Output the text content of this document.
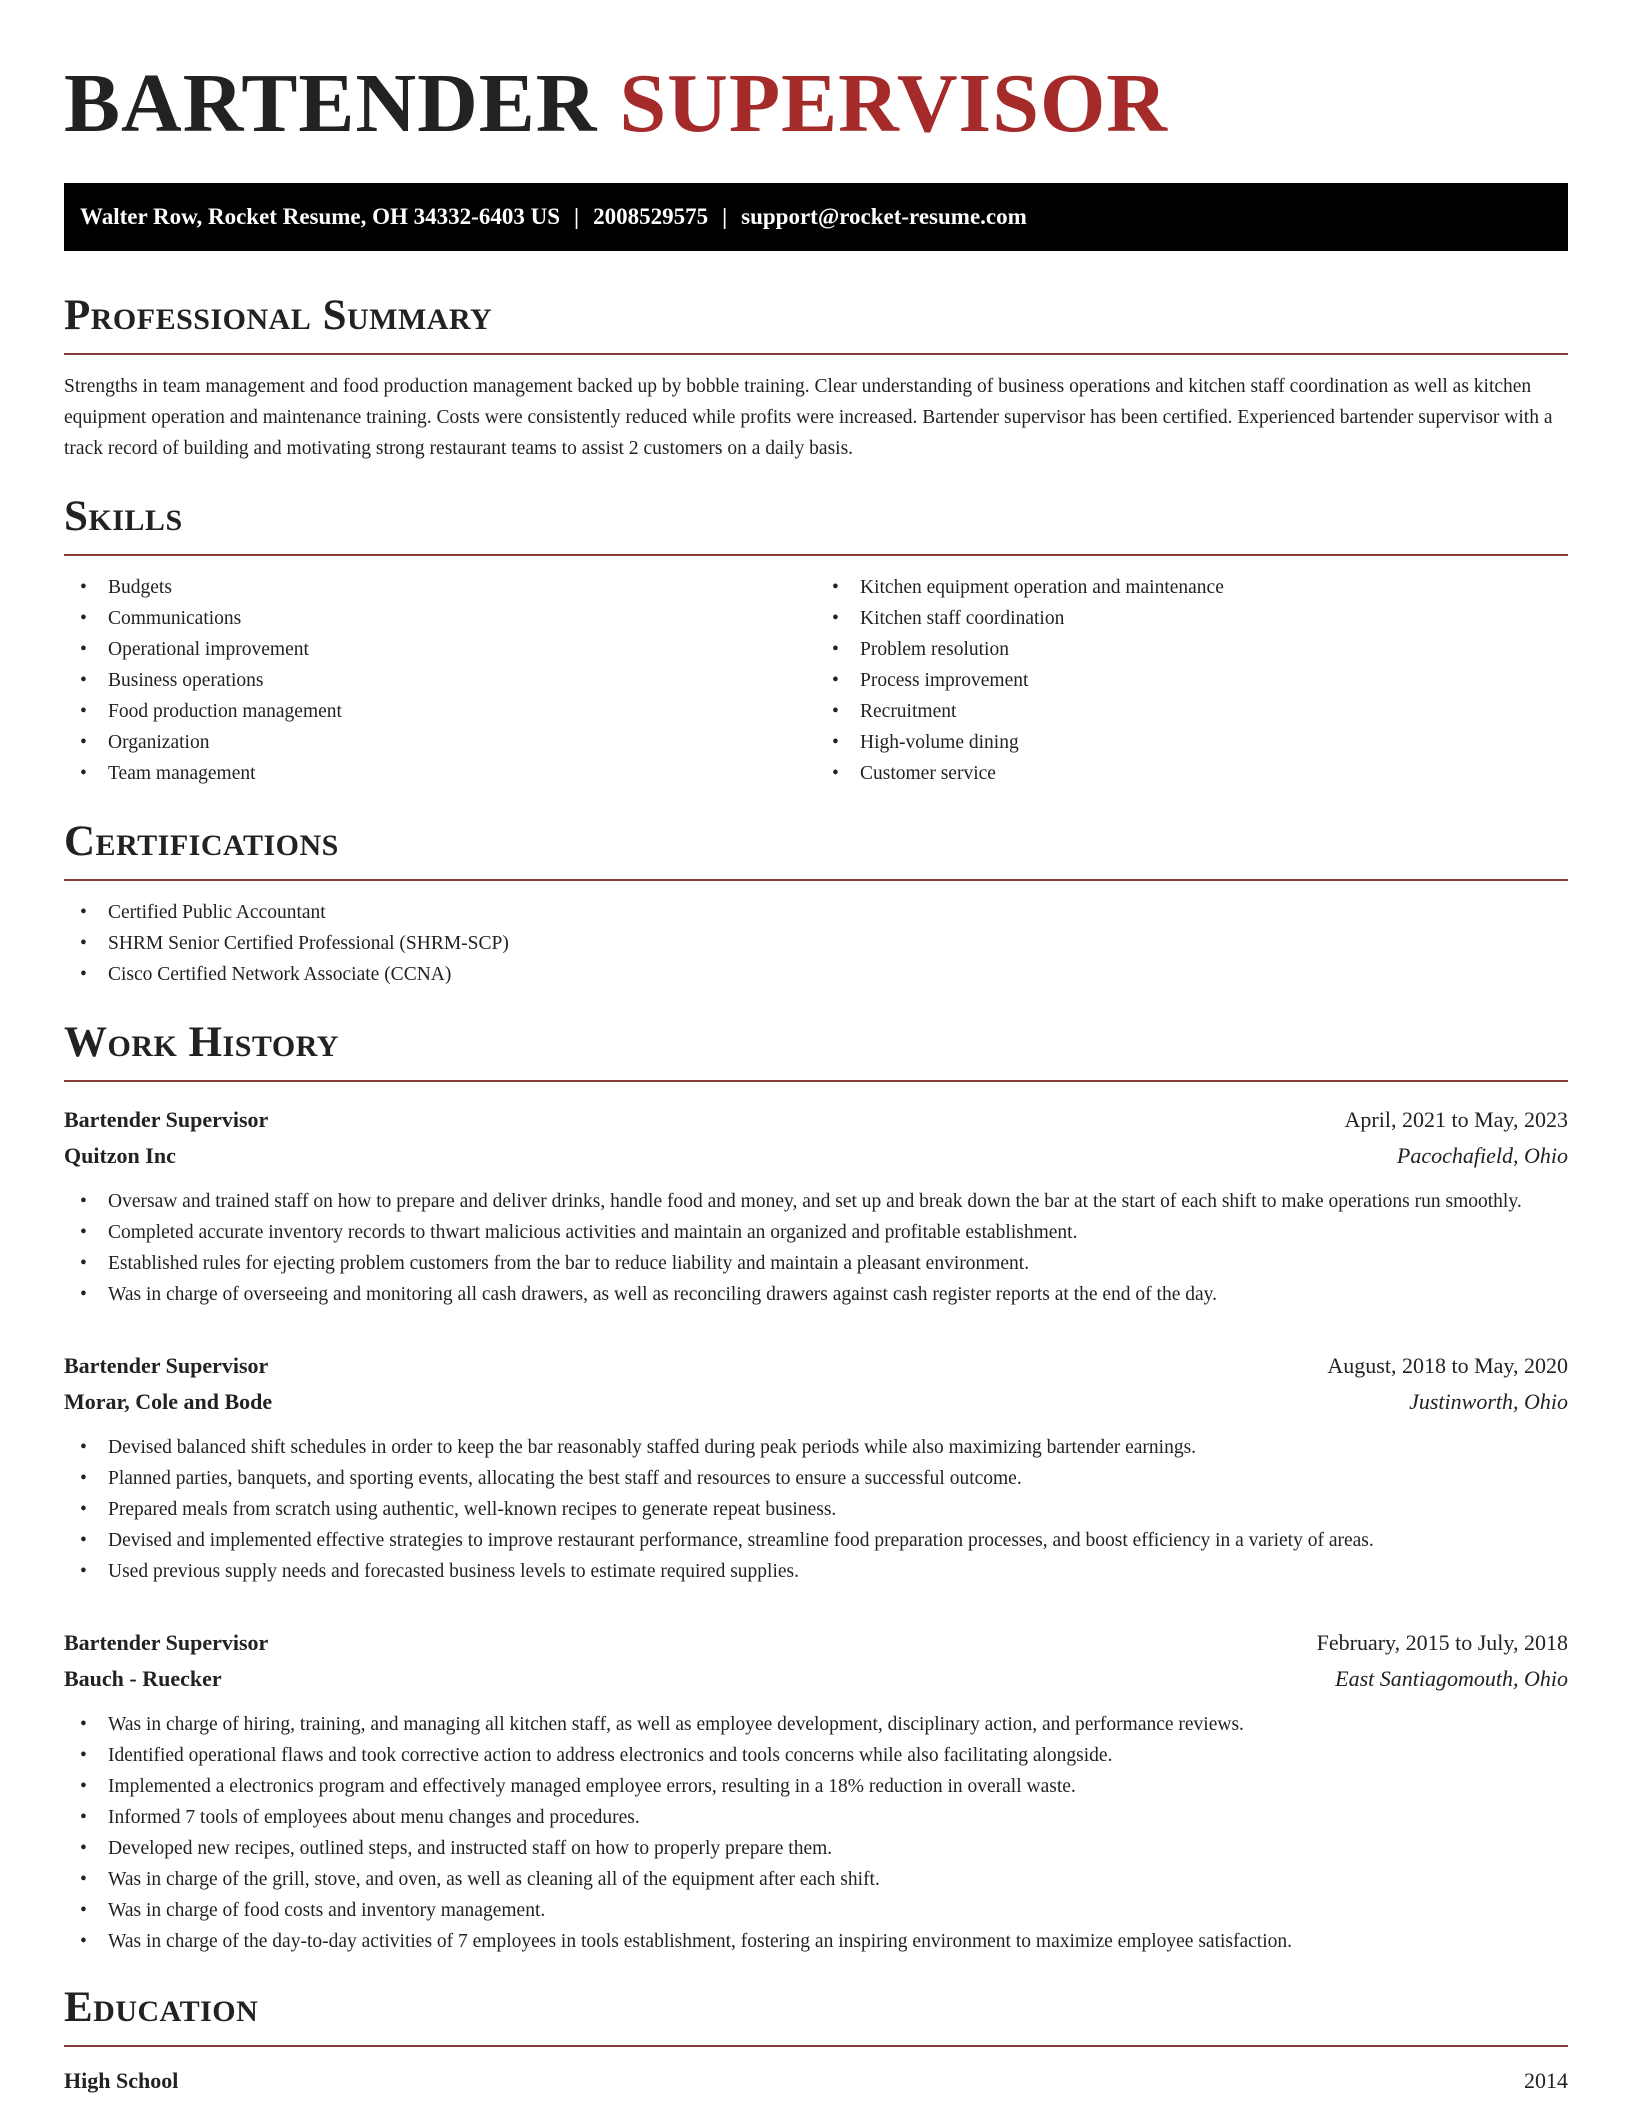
BARTENDER SUPERVISOR
Walter Row, Rocket Resume, OH 34332-6403 US | 2008529575 | support@rocket-resume.com
Professional Summary

Strengths in team management and food production management backed up by bobble training. Clear understanding of business operations and kitchen staff coordination as well as kitchen equipment operation and maintenance training. Costs were consistently reduced while profits were increased. Bartender supervisor has been certified. Experienced bartender supervisor with a track record of building and motivating strong restaurant teams to assist 2 customers on a daily basis.

Skills
• Budgets
• Communications
• Operational improvement
• Business operations
• Food production management
• Organization
• Team management
• Kitchen equipment operation and maintenance
• Kitchen staff coordination
• Problem resolution
• Process improvement
• Recruitment
• High-volume dining
• Customer service
Certifications
• Certified Public Accountant
• SHRM Senior Certified Professional (SHRM-SCP)
• Cisco Certified Network Associate (CCNA)
Work History
Bartender Supervisor	April, 2021 to May, 2023
Quitzon Inc	Pacochafield, Ohio
• Oversaw and trained staff on how to prepare and deliver drinks, handle food and money, and set up and break down the bar at the start of each shift to make operations run smoothly.
• Completed accurate inventory records to thwart malicious activities and maintain an organized and profitable establishment.
• Established rules for ejecting problem customers from the bar to reduce liability and maintain a pleasant environment.
• Was in charge of overseeing and monitoring all cash drawers, as well as reconciling drawers against cash register reports at the end of the day.
Bartender Supervisor	August, 2018 to May, 2020
Morar, Cole and Bode	Justinworth, Ohio
• Devised balanced shift schedules in order to keep the bar reasonably staffed during peak periods while also maximizing bartender earnings.
• Planned parties, banquets, and sporting events, allocating the best staff and resources to ensure a successful outcome.
• Prepared meals from scratch using authentic, well-known recipes to generate repeat business.
• Devised and implemented effective strategies to improve restaurant performance, streamline food preparation processes, and boost efficiency in a variety of areas.
• Used previous supply needs and forecasted business levels to estimate required supplies.
Bartender Supervisor	February, 2015 to July, 2018
Bauch - Ruecker	East Santiagomouth, Ohio
• Was in charge of hiring, training, and managing all kitchen staff, as well as employee development, disciplinary action, and performance reviews.
• Identified operational flaws and took corrective action to address electronics and tools concerns while also facilitating alongside.
• Implemented a electronics program and effectively managed employee errors, resulting in a 18% reduction in overall waste.
• Informed 7 tools of employees about menu changes and procedures.
• Developed new recipes, outlined steps, and instructed staff on how to properly prepare them.
• Was in charge of the grill, stove, and oven, as well as cleaning all of the equipment after each shift.
• Was in charge of food costs and inventory management.
• Was in charge of the day-to-day activities of 7 employees in tools establishment, fostering an inspiring environment to maximize employee satisfaction.
Education
High School	2014
